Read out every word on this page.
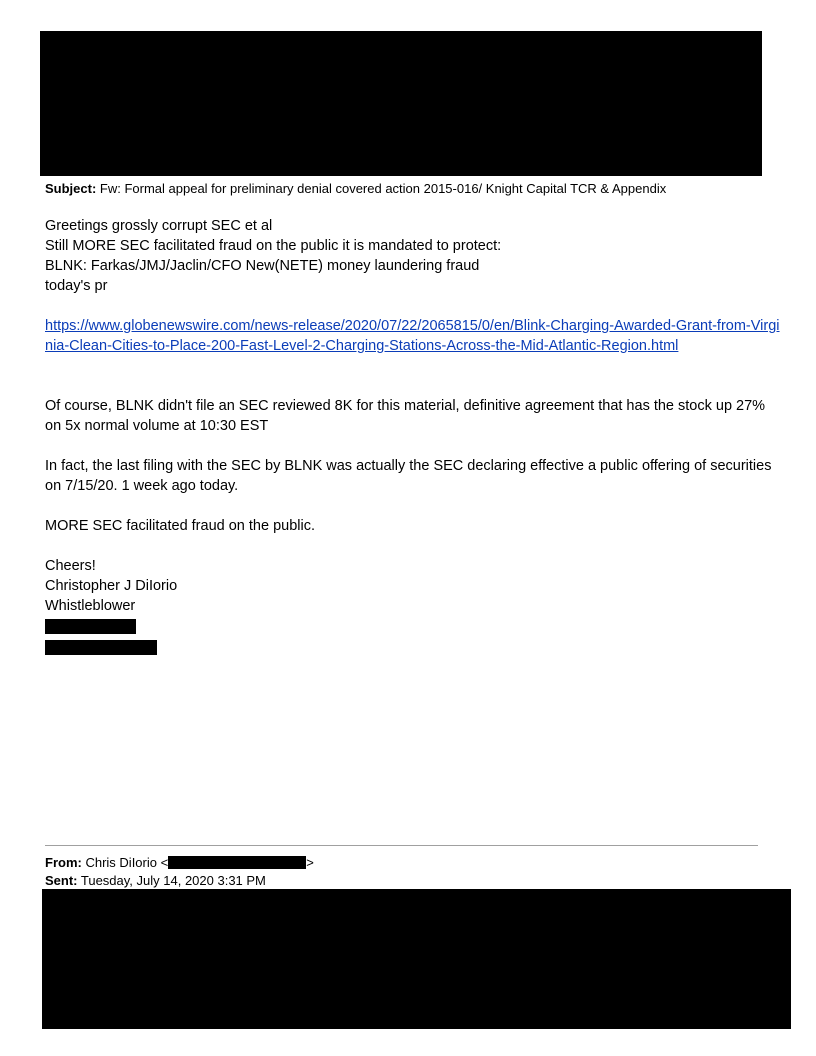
Subject: Fw: Formal appeal for preliminary denial covered action 2015-016/ Knight Capital TCR & Appendix

Greetings grossly corrupt SEC et al

Still MORE SEC facilitated fraud on the public it is mandated to protect:

BLNK: Farkas/JMJ/Jaclin/CFO New(NETE) money laundering fraud

today's pr

https://www.globenewswire.com/news-release/2020/07/22/2065815/0/en/Blink-Charging-Awarded-Grant-from-Virginia-Clean-Cities-to-Place-200-Fast-Level-2-Charging-Stations-Across-the-Mid-Atlantic-Region.html

Of course, BLNK didn't file an SEC reviewed 8K for this material, definitive agreement that has the stock up 27% on 5x normal volume at 10:30 EST

In fact, the last filing with the SEC by BLNK was actually the SEC declaring effective a public offering of securities on 7/15/20. 1 week ago today.

MORE SEC facilitated fraud on the public.

Cheers!

Christopher J DiIorio

Whistleblower

From: Chris DiIorio <	>
Sent: Tuesday, July 14, 2020 3:31 PM
